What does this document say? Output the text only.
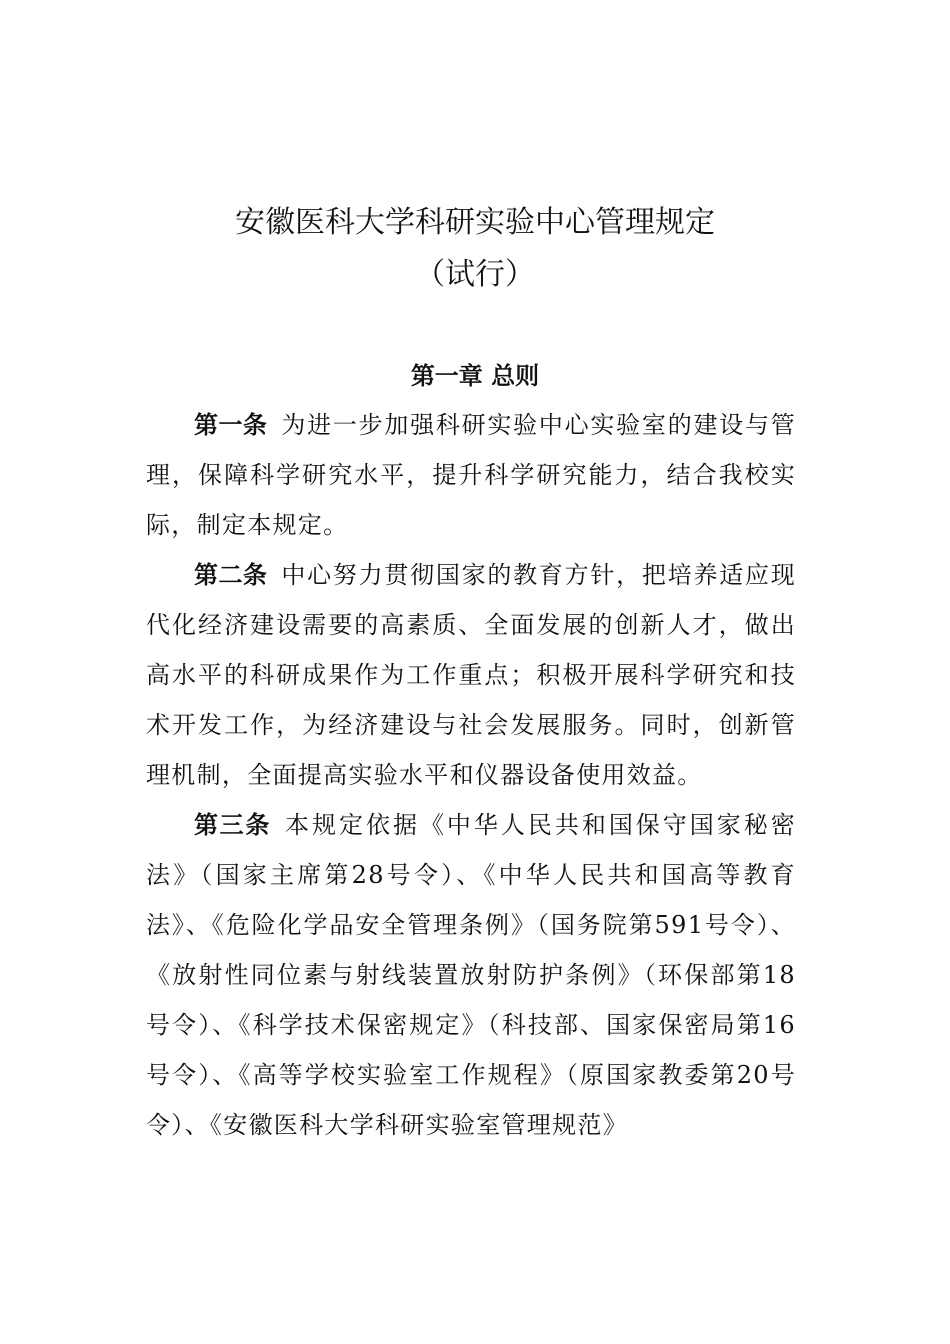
安徽医科大学科研实验中心管理规定
（试行）
第一章 总则

第一条 为进一步加强科研实验中心实验室的建设与管理，保障科学研究水平，提升科学研究能力，结合我校实际，制定本规定。

第二条 中心努力贯彻国家的教育方针，把培养适应现代化经济建设需要的高素质、全面发展的创新人才，做出高水平的科研成果作为工作重点；积极开展科学研究和技术开发工作，为经济建设与社会发展服务。同时，创新管理机制，全面提高实验水平和仪器设备使用效益。

第三条 本规定依据《中华人民共和国保守国家秘密法》（国家主席第28号令）、《中华人民共和国高等教育法》、《危险化学品安全管理条例》（国务院第591号令）、《放射性同位素与射线装置放射防护条例》（环保部第18号令）、《科学技术保密规定》（科技部、国家保密局第16号令）、《高等学校实验室工作规程》（原国家教委第20号令）、《安徽医科大学科研实验室管理规范》
